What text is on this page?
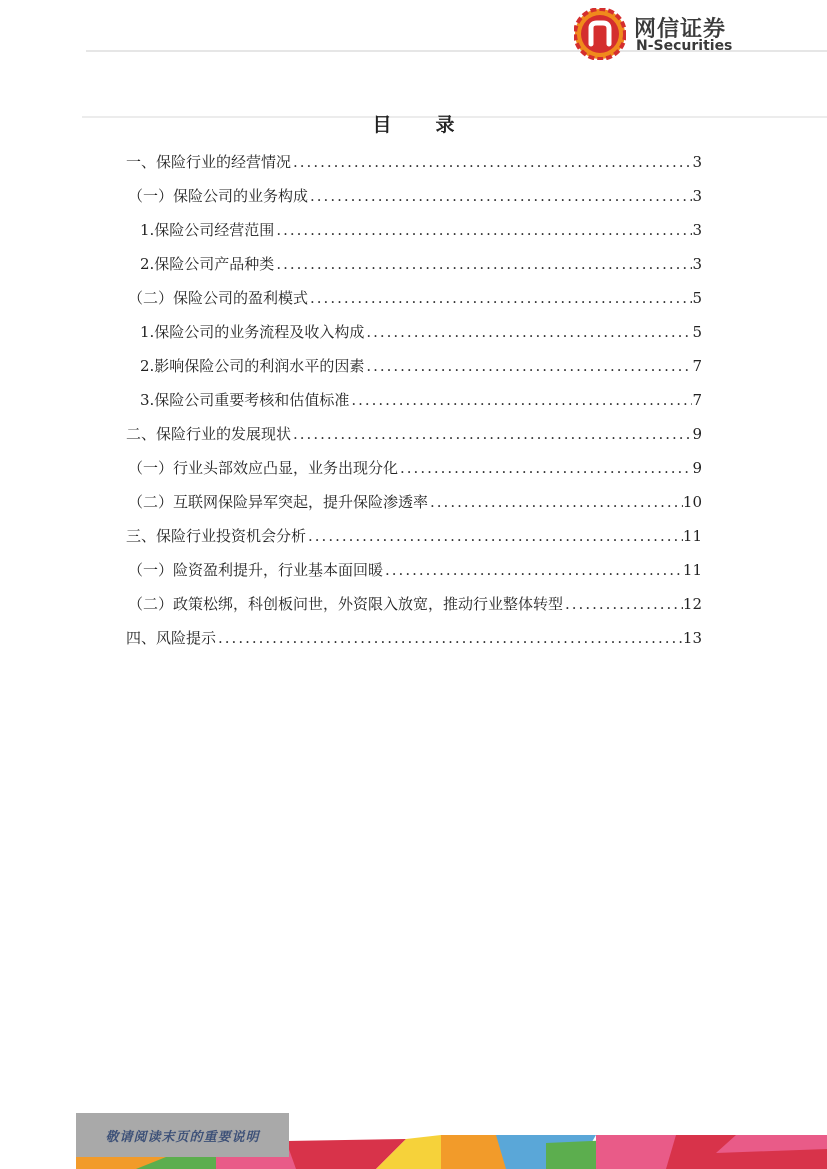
网信证券
N-Securities
目录
一、保险行业的经营情况 .....	3
（一）保险公司的业务构成 .....	3
1.保险公司经营范围 .....	3
2.保险公司产品种类 .....	3
（二）保险公司的盈利模式 .....	5
1.保险公司的业务流程及收入构成 .....	5
2.影响保险公司的利润水平的因素 .....	7
3.保险公司重要考核和估值标准 .....	7
二、保险行业的发展现状 .....	9
（一）行业头部效应凸显，业务出现分化 .....	9
（二）互联网保险异军突起，提升保险渗透率 .....	10
三、保险行业投资机会分析 .....	11
（一）险资盈利提升，行业基本面回暖 .....	11
（二）政策松绑，科创板问世，外资限入放宽，推动行业整体转型 .....	12
四、风险提示 .....	13
敬请阅读末页的重要说明
